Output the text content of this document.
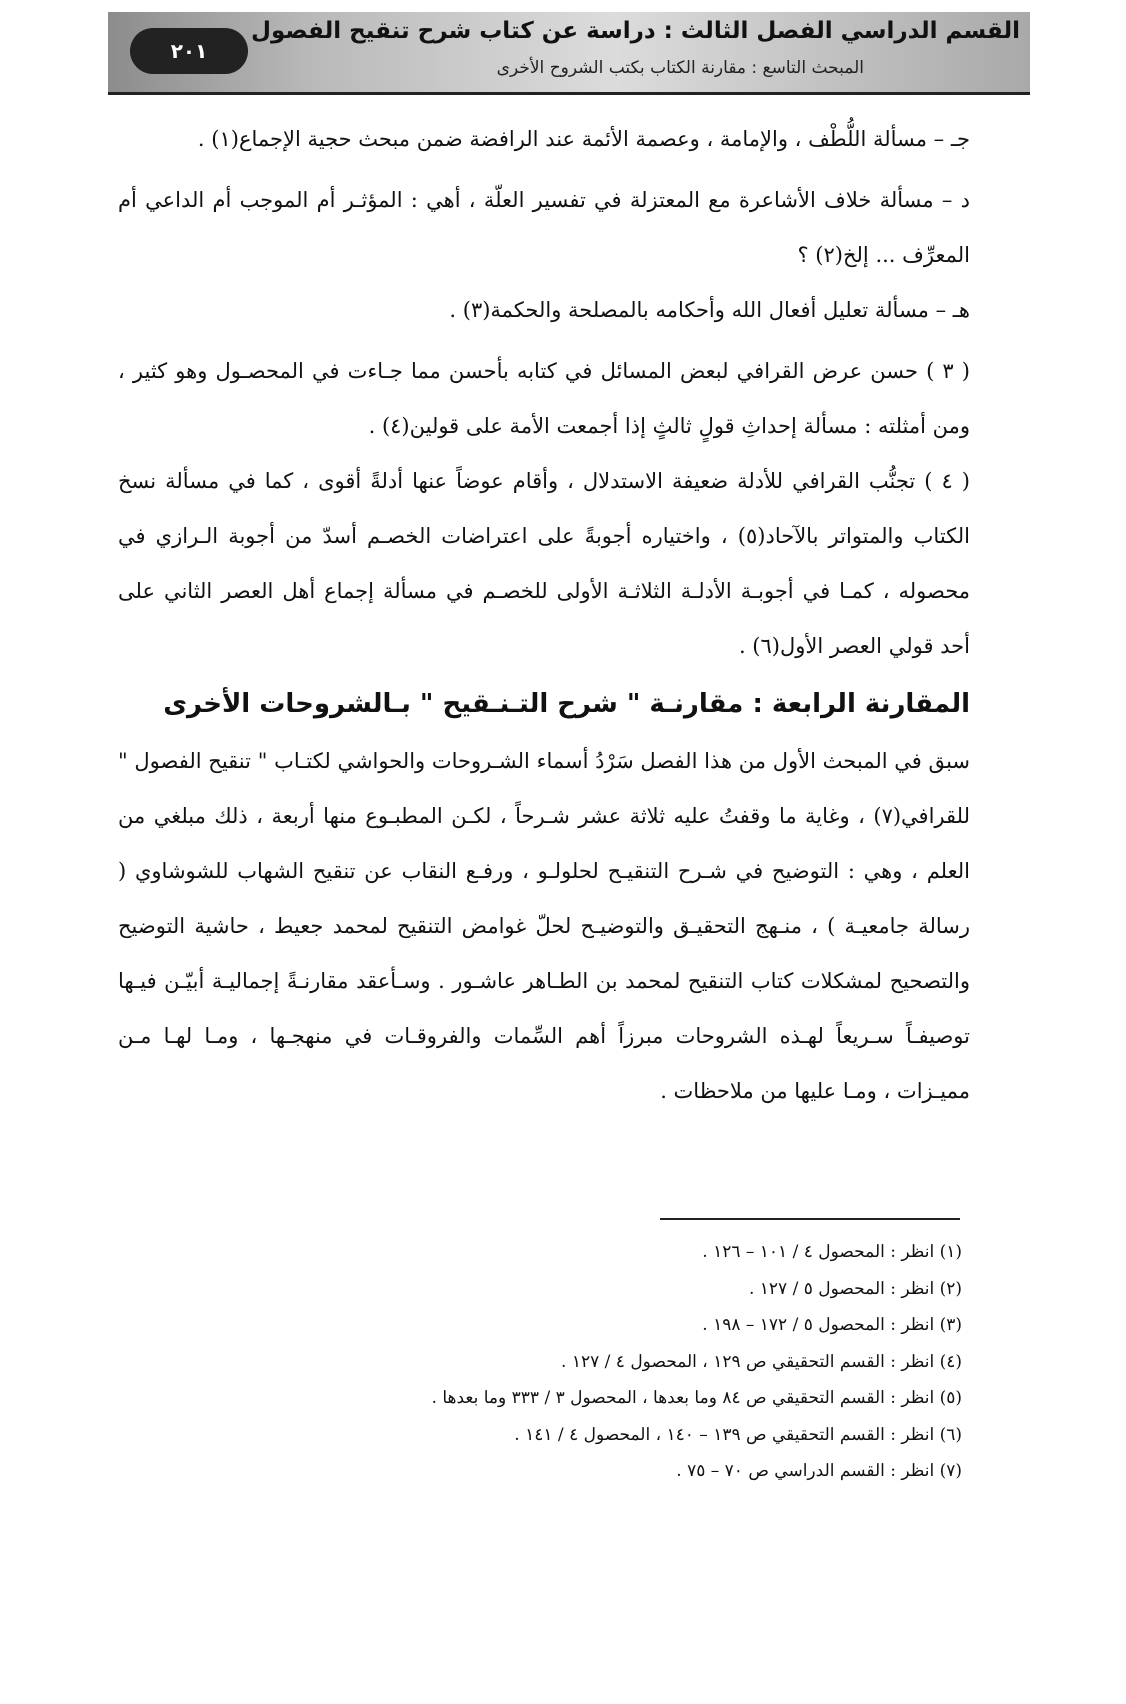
٢٠١
القسم الدراسي الفصل الثالث : دراسة عن كتاب شرح تنقيح الفصول
المبحث التاسع : مقارنة الكتاب بكتب الشروح الأخرى

جـ – مسألة اللُّطْف ، والإمامة ، وعصمة الأئمة عند الرافضة ضمن مبحث حجية الإجماع(١) .

د – مسألة خلاف الأشاعرة مع المعتزلة في تفسير العلّة ، أهي : المؤثـر أم الموجب أم الداعي أم المعرِّف ... إلخ(٢) ؟

هـ – مسألة تعليل أفعال الله وأحكامه بالمصلحة والحكمة(٣) .

( ٣ ) حسن عرض القرافي لبعض المسائل في كتابه بأحسن مما جـاءت في المحصـول وهو كثير ، ومن أمثلته : مسألة إحداثِ قولٍ ثالثٍ إذا أجمعت الأمة على قولين(٤) .

( ٤ ) تجنُّب القرافي للأدلة ضعيفة الاستدلال ، وأقام عوضاً عنها أدلةً أقوى ، كما في مسألة نسخ الكتاب والمتواتر بالآحاد(٥) ، واختياره أجوبةً على اعتراضات الخصـم أسدّ من أجوبة الـرازي في محصوله ، كمـا في أجوبـة الأدلـة الثلاثـة الأولى للخصـم في مسألة إجماع أهل العصر الثاني على أحد قولي العصر الأول(٦) .

المقارنة الرابعة : مقارنـة " شرح التـنـقيح " بـالشروحات الأخرى

سبق في المبحث الأول من هذا الفصل سَرْدُ أسماء الشـروحات والحواشي لكتـاب " تنقيح الفصول " للقرافي(٧) ، وغاية ما وقفتُ عليه ثلاثة عشر شـرحاً ، لكـن المطبـوع منها أربعة ، ذلك مبلغي من العلم ، وهي : التوضيح في شـرح التنقيـح لحلولـو ، ورفـع النقاب عن تنقيح الشهاب للشوشاوي ( رسالة جامعيـة ) ، منـهج التحقيـق والتوضيـح لحلّ غوامض التنقيح لمحمد جعيط ، حاشية التوضيح والتصحيح لمشكلات كتاب التنقيح لمحمد بن الطـاهر عاشـور . وسـأعقد مقارنـةً إجماليـة أبيّـن فيـها توصيفـاً سـريعاً لهـذه الشروحات مبرزاً أهم السِّمات والفروقـات في منهجـها ، ومـا لهـا مـن مميـزات ، ومـا عليها من ملاحظات .

(١) انظر : المحصول ٤ / ١٠١ – ١٢٦ .

(٢) انظر : المحصول ٥ / ١٢٧ .

(٣) انظر : المحصول ٥ / ١٧٢ – ١٩٨ .

(٤) انظر : القسم التحقيقي ص ١٢٩ ، المحصول ٤ / ١٢٧ .

(٥) انظر : القسم التحقيقي ص ٨٤ وما بعدها ، المحصول ٣ / ٣٣٣ وما بعدها .

(٦) انظر : القسم التحقيقي ص ١٣٩ – ١٤٠ ، المحصول ٤ / ١٤١ .

(٧) انظر : القسم الدراسي ص ٧٠ – ٧٥ .
